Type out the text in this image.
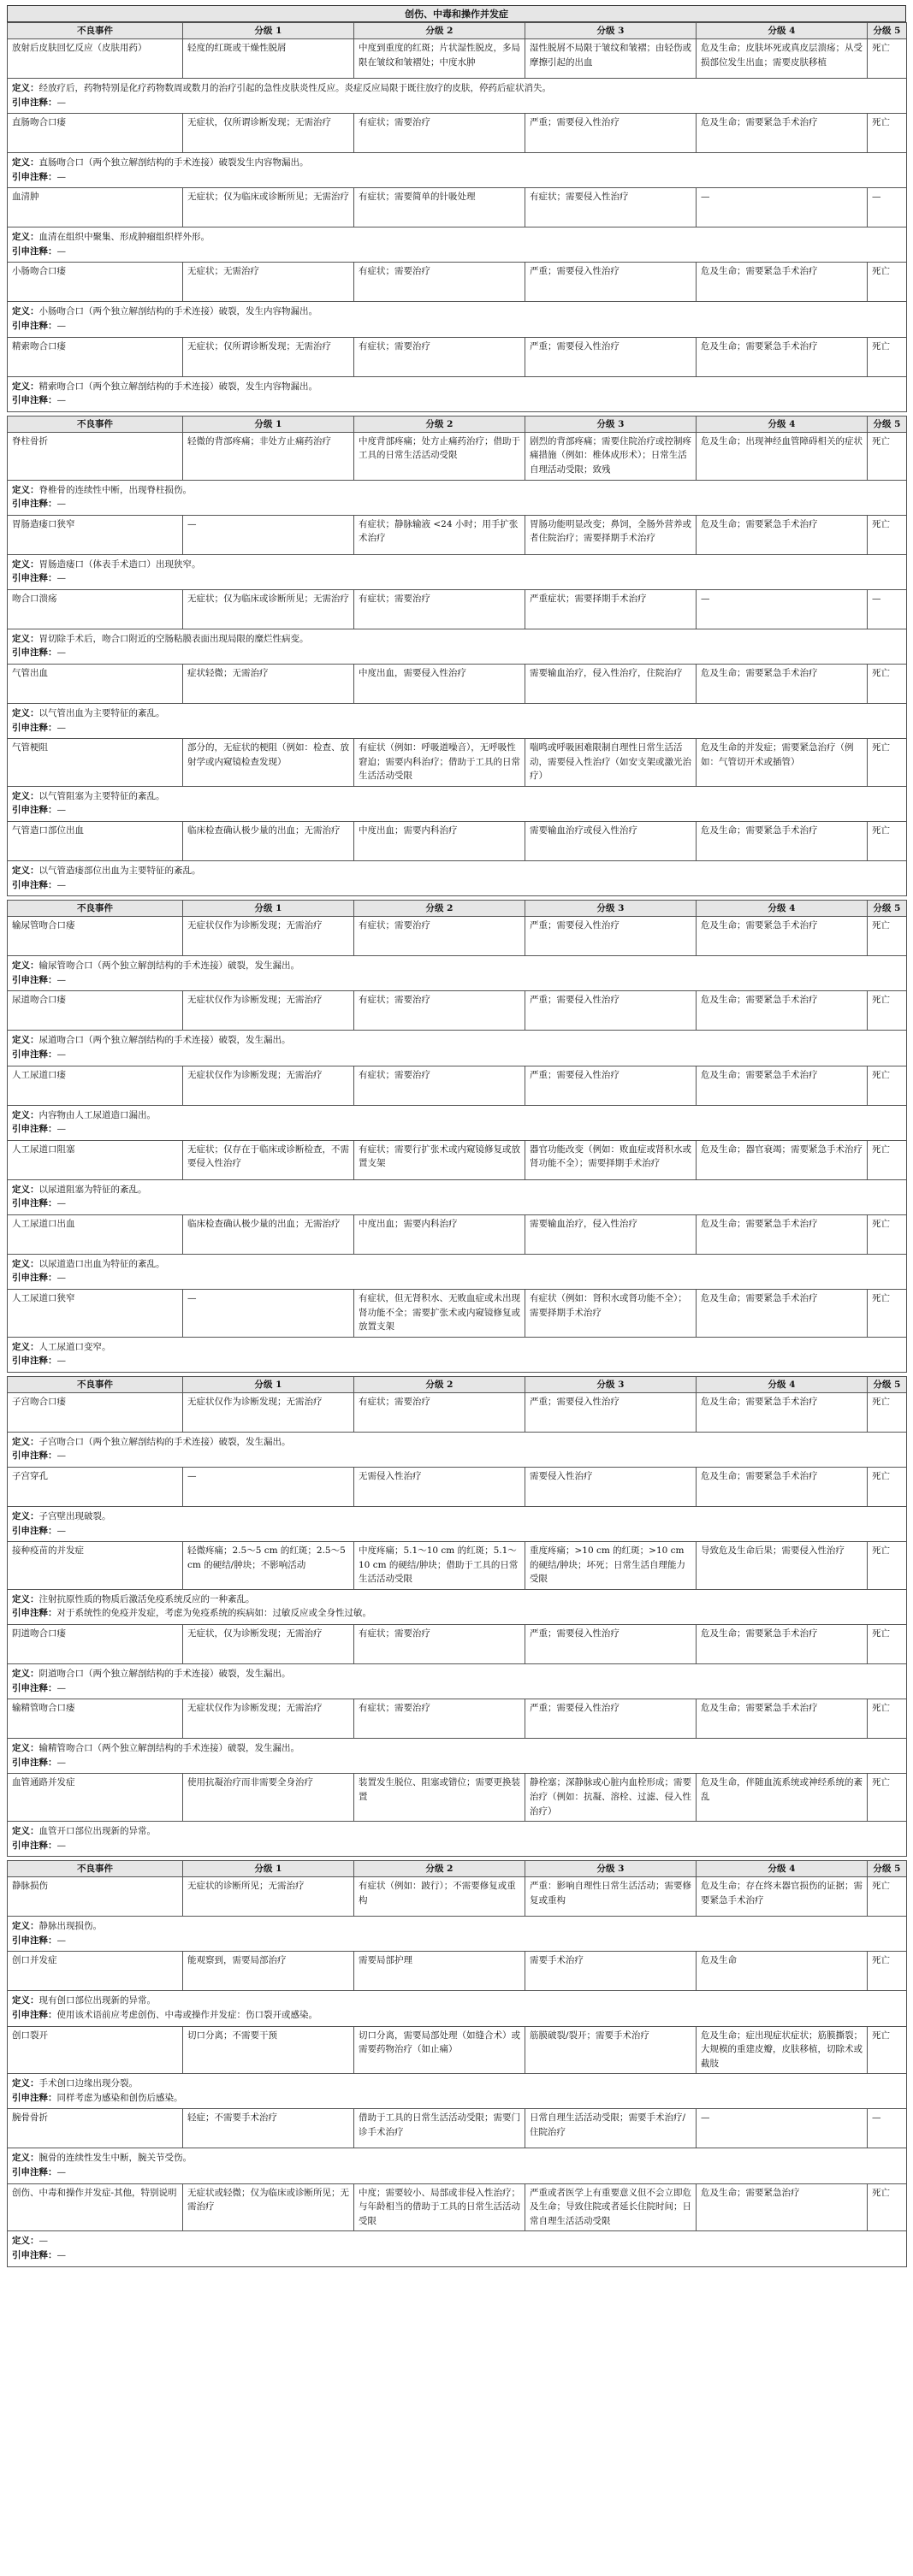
创伤、中毒和操作并发症
不良事件	分级 1	分级 2	分级 3	分级 4	分级 5
放射后皮肤回忆反应（皮肤用药）	轻度的红斑或干燥性脱屑	中度到重度的红斑；片状湿性脱皮，多局限在皱纹和皱褶处；中度水肿	湿性脱屑不局限于皱纹和皱褶；由轻伤或摩擦引起的出血	危及生命；皮肤坏死或真皮层溃疡；从受损部位发生出血；需要皮肤移植	死亡

定义：经放疗后，药物特别是化疗药物数周或数月的治疗引起的急性皮肤炎性反应。炎症反应局限于既往放疗的皮肤，停药后症状消失。
引申注释：—					

直肠吻合口瘘	无症状，仅所谓诊断发现；无需治疗	有症状；需要治疗	严重；需要侵入性治疗	危及生命；需要紧急手术治疗	死亡

定义：直肠吻合口（两个独立解剖结构的手术连接）破裂发生内容物漏出。
引申注释：—					

血清肿	无症状；仅为临床或诊断所见；无需治疗	有症状；需要简单的针吸处理	有症状；需要侵入性治疗	—	—

定义：血清在组织中聚集、形成肿瘤组织样外形。
引申注释：—					

小肠吻合口瘘	无症状；无需治疗	有症状；需要治疗	严重；需要侵入性治疗	危及生命；需要紧急手术治疗	死亡

定义：小肠吻合口（两个独立解剖结构的手术连接）破裂，发生内容物漏出。
引申注释：—					

精索吻合口瘘	无症状；仅所谓诊断发现；无需治疗	有症状；需要治疗	严重；需要侵入性治疗	危及生命；需要紧急手术治疗	死亡

定义：精索吻合口（两个独立解剖结构的手术连接）破裂，发生内容物漏出。
引申注释：—					
不良事件	分级 1	分级 2	分级 3	分级 4	分级 5
脊柱骨折	轻微的背部疼痛；非处方止痛药治疗	中度背部疼痛；处方止痛药治疗；借助于工具的日常生活活动受限	剧烈的背部疼痛；需要住院治疗或控制疼痛措施（例如：椎体成形术）；日常生活自理活动受限；致残	危及生命；出现神经血管障碍相关的症状	死亡

定义：脊椎骨的连续性中断，出现脊柱损伤。
引申注释：—					

胃肠造瘘口狭窄	—	有症状；静脉输液 <24 小时；用手扩张术治疗	胃肠功能明显改变；鼻饲，全肠外营养或者住院治疗；需要择期手术治疗	危及生命；需要紧急手术治疗	死亡

定义：胃肠造瘘口（体表手术造口）出现狭窄。
引申注释：—					

吻合口溃疡	无症状；仅为临床或诊断所见；无需治疗	有症状；需要治疗	严重症状；需要择期手术治疗	—	—

定义：胃切除手术后，吻合口附近的空肠粘膜表面出现局限的糜烂性病变。
引申注释：—					

气管出血	症状轻微；无需治疗	中度出血，需要侵入性治疗	需要输血治疗，侵入性治疗，住院治疗	危及生命；需要紧急手术治疗	死亡

定义：以气管出血为主要特征的紊乱。
引申注释：—					

气管梗阻	部分的，无症状的梗阻（例如：检查、放射学或内窥镜检查发现）	有症状（例如：呼吸道噪音），无呼吸性窘迫；需要内科治疗；借助于工具的日常生活活动受限	喘鸣或呼吸困难限制自理性日常生活活动，需要侵入性治疗（如安支架或激光治疗）	危及生命的并发症；需要紧急治疗（例如：气管切开术或插管）	死亡

定义：以气管阻塞为主要特征的紊乱。
引申注释：—					

气管造口部位出血	临床检查确认极少量的出血；无需治疗	中度出血；需要内科治疗	需要输血治疗或侵入性治疗	危及生命；需要紧急手术治疗	死亡

定义：以气管造瘘部位出血为主要特征的紊乱。
引申注释：—					
不良事件	分级 1	分级 2	分级 3	分级 4	分级 5
输尿管吻合口瘘	无症状仅作为诊断发现；无需治疗	有症状；需要治疗	严重；需要侵入性治疗	危及生命；需要紧急手术治疗	死亡

定义：输尿管吻合口（两个独立解剖结构的手术连接）破裂，发生漏出。
引申注释：—					

尿道吻合口瘘	无症状仅作为诊断发现；无需治疗	有症状；需要治疗	严重；需要侵入性治疗	危及生命；需要紧急手术治疗	死亡

定义：尿道吻合口（两个独立解剖结构的手术连接）破裂，发生漏出。
引申注释：—					

人工尿道口瘘	无症状仅作为诊断发现；无需治疗	有症状；需要治疗	严重；需要侵入性治疗	危及生命；需要紧急手术治疗	死亡

定义：内容物由人工尿道造口漏出。
引申注释：—					

人工尿道口阻塞	无症状；仅存在于临床或诊断检查，不需要侵入性治疗	有症状；需要行扩张术或内窥镜修复或放置支架	器官功能改变（例如：败血症或肾积水或肾功能不全）；需要择期手术治疗	危及生命；器官衰竭；需要紧急手术治疗	死亡

定义：以尿道阻塞为特征的紊乱。
引申注释：—					

人工尿道口出血	临床检查确认极少量的出血；无需治疗	中度出血；需要内科治疗	需要输血治疗，侵入性治疗	危及生命；需要紧急手术治疗	死亡

定义：以尿道造口出血为特征的紊乱。
引申注释：—					

人工尿道口狭窄	—	有症状，但无肾积水、无败血症或未出现肾功能不全；需要扩张术或内窥镜修复或放置支架	有症状（例如：肾积水或肾功能不全）；需要择期手术治疗	危及生命；需要紧急手术治疗	死亡

定义：人工尿道口变窄。
引申注释：—					
不良事件	分级 1	分级 2	分级 3	分级 4	分级 5
子宫吻合口瘘	无症状仅作为诊断发现；无需治疗	有症状；需要治疗	严重；需要侵入性治疗	危及生命；需要紧急手术治疗	死亡

定义：子宫吻合口（两个独立解剖结构的手术连接）破裂，发生漏出。
引申注释：—					

子宫穿孔	—	无需侵入性治疗	需要侵入性治疗	危及生命；需要紧急手术治疗	死亡

定义：子宫壁出现破裂。
引申注释：—					

接种疫苗的并发症	轻微疼痛；2.5～5 cm 的红斑；2.5～5 cm 的硬结/肿块；不影响活动	中度疼痛；5.1～10 cm 的红斑；5.1～10 cm 的硬结/肿块；借助于工具的日常生活活动受限	重度疼痛；>10 cm 的红斑；>10 cm 的硬结/肿块；坏死；日常生活自理能力受限	导致危及生命后果；需要侵入性治疗	死亡

定义：注射抗原性质的物质后激活免疫系统反应的一种紊乱。
引申注释：对于系统性的免疫并发症，考虑为免疫系统的疾病如：过敏反应或全身性过敏。					

阴道吻合口瘘	无症状，仅为诊断发现；无需治疗	有症状；需要治疗	严重；需要侵入性治疗	危及生命；需要紧急手术治疗	死亡

定义：阴道吻合口（两个独立解剖结构的手术连接）破裂，发生漏出。
引申注释：—					

输精管吻合口瘘	无症状仅作为诊断发现；无需治疗	有症状；需要治疗	严重；需要侵入性治疗	危及生命；需要紧急手术治疗	死亡

定义：输精管吻合口（两个独立解剖结构的手术连接）破裂，发生漏出。
引申注释：—					

血管通路并发症	使用抗凝治疗而非需要全身治疗	装置发生脱位、阻塞或错位；需要更换装置	静栓塞；深静脉或心脏内血栓形成；需要治疗（例如：抗凝、溶栓、过滤、侵入性治疗）	危及生命，伴随血流系统或神经系统的紊乱	死亡

定义：血管开口部位出现新的异常。
引申注释：—					
不良事件	分级 1	分级 2	分级 3	分级 4	分级 5
静脉损伤	无症状的诊断所见；无需治疗	有症状（例如：跛行）；不需要修复或重构	严重：影响自理性日常生活活动；需要修复或重构	危及生命；存在终末器官损伤的证据；需要紧急手术治疗	死亡

定义：静脉出现损伤。
引申注释：—					

创口并发症	能观察到，需要局部治疗	需要局部护理	需要手术治疗	危及生命	死亡

定义：现有创口部位出现新的异常。
引申注释：使用该术语前应考虑创伤、中毒或操作并发症：伤口裂开或感染。					

创口裂开	切口分离；不需要干预	切口分离，需要局部处理（如缝合术）或需要药物治疗（如止痛）	筋膜破裂/裂开；需要手术治疗	危及生命；症出现症状症状；筋膜撕裂；大规模的重建皮瓣，皮肤移植，切除术或截肢	死亡

定义：手术创口边缘出现分裂。
引申注释：同样考虑为感染和创伤后感染。					

腕骨骨折	轻症；不需要手术治疗	借助于工具的日常生活活动受限；需要门诊手术治疗	日常自理生活活动受限；需要手术治疗/住院治疗	—	—

定义：腕骨的连续性发生中断，腕关节受伤。
引申注释：—					

创伤、中毒和操作并发症-其他，特别说明	无症状或轻微；仅为临床或诊断所见；无需治疗	中度；需要较小、局部或非侵入性治疗；与年龄相当的借助于工具的日常生活活动受限	严重或者医学上有重要意义但不会立即危及生命；导致住院或者延长住院时间；日常自理生活活动受限	危及生命；需要紧急治疗	死亡

定义：—
引申注释：—					
